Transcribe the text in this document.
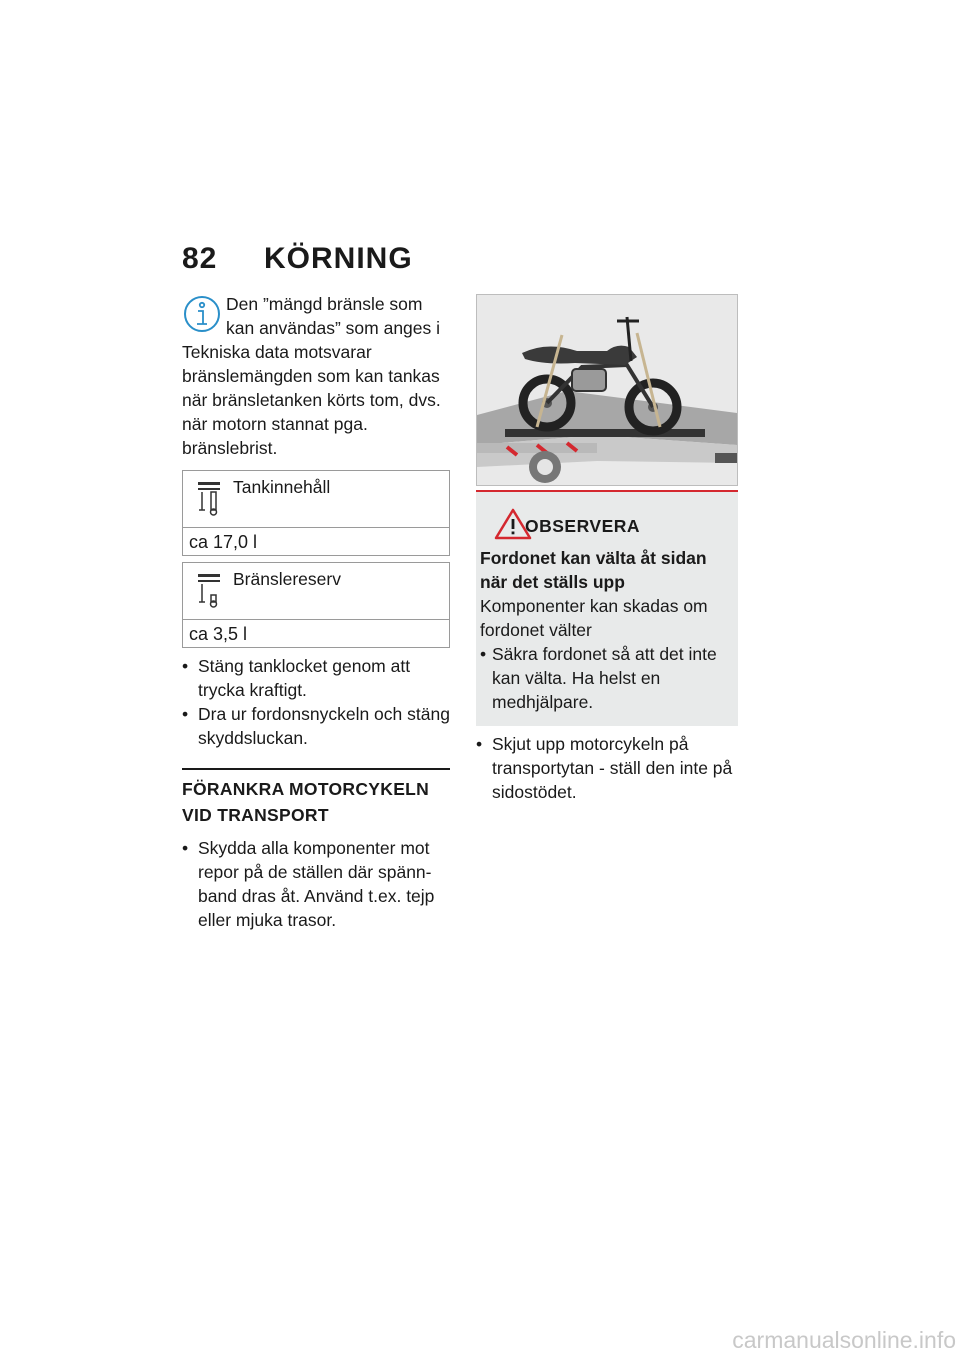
82 KÖRNING

Den ”mängd bränsle som kan användas” som anges i Tekniska data motsvarar bränslemängden som kan tankas när bränsletanken körts tom, dvs. när motorn stannat pga. bränslebrist.

Tankinnehåll
ca 17,0 l
Bränslereserv
ca 3,5 l
• Stäng tanklocket genom att trycka kraftigt.
• Dra ur fordonsnyckeln och stäng skyddsluckan.
FÖRANKRA MOTORCYKELN
VID TRANSPORT
• Skydda alla komponenter mot repor på de ställen där spännband dras åt. Använd t.ex. tejp eller mjuka trasor.
OBSERVERA
Fordonet kan välta åt sidan när det ställs upp
Komponenter kan skadas om fordonet välter
• Säkra fordonet så att det inte kan välta. Ha helst en medhjälpare.
• Skjut upp motorcykeln på transportytan - ställ den inte på sidostödet.
carmanualsonline.info
